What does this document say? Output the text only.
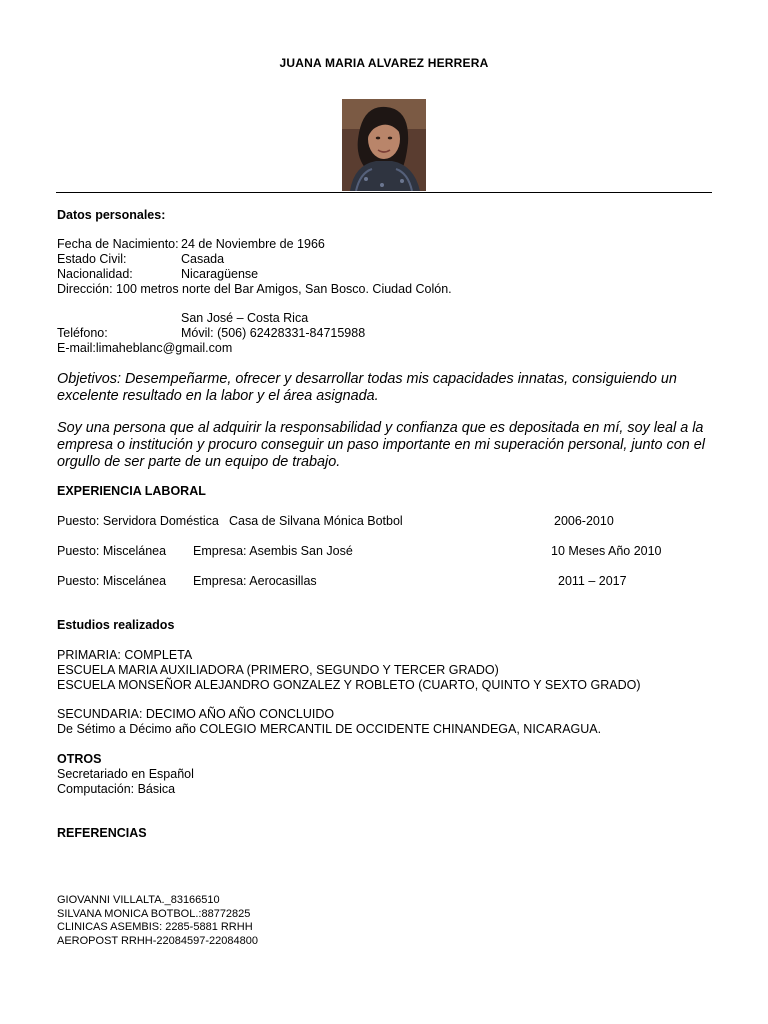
JUANA MARIA ALVAREZ HERRERA
Datos personales:
Fecha de Nacimiento: 24 de Noviembre de 1966
Estado Civil:	Casada
Nacionalidad:	Nicaragüense
Dirección: 100 metros norte del Bar Amigos, San Bosco. Ciudad Colón.
San José – Costa Rica
Teléfono:	Móvil: (506) 62428331-84715988
E-mail:limaheblanc@gmail.com
Objetivos: Desempeñarme, ofrecer y desarrollar todas mis capacidades innatas, consiguiendo un
excelente resultado en la labor y el área asignada.
Soy una persona que al adquirir la responsabilidad y confianza que es depositada en mí, soy leal a la
empresa o institución y procuro conseguir un paso importante en mi superación personal, junto con el
orgullo de ser parte de un equipo de trabajo.
EXPERIENCIA LABORAL
Puesto: Servidora Doméstica Casa de Silvana Mónica Botbol	2006-2010
Puesto: Miscelánea Empresa: Asembis San José	10 Meses Año 2010
Puesto: Miscelánea Empresa: Aerocasillas	2011 – 2017
Estudios realizados
PRIMARIA: COMPLETA
ESCUELA MARIA AUXILIADORA (PRIMERO, SEGUNDO Y TERCER GRADO)
ESCUELA MONSEÑOR ALEJANDRO GONZALEZ Y ROBLETO (CUARTO, QUINTO Y SEXTO GRADO)
SECUNDARIA: DECIMO AÑO AÑO CONCLUIDO
De Sétimo a Décimo año COLEGIO MERCANTIL DE OCCIDENTE CHINANDEGA, NICARAGUA.
OTROS
Secretariado en Español
Computación: Básica
REFERENCIAS
GIOVANNI VILLALTA._83166510
SILVANA MONICA BOTBOL.:88772825
CLINICAS ASEMBIS: 2285-5881 RRHH
AEROPOST RRHH-22084597-22084800
